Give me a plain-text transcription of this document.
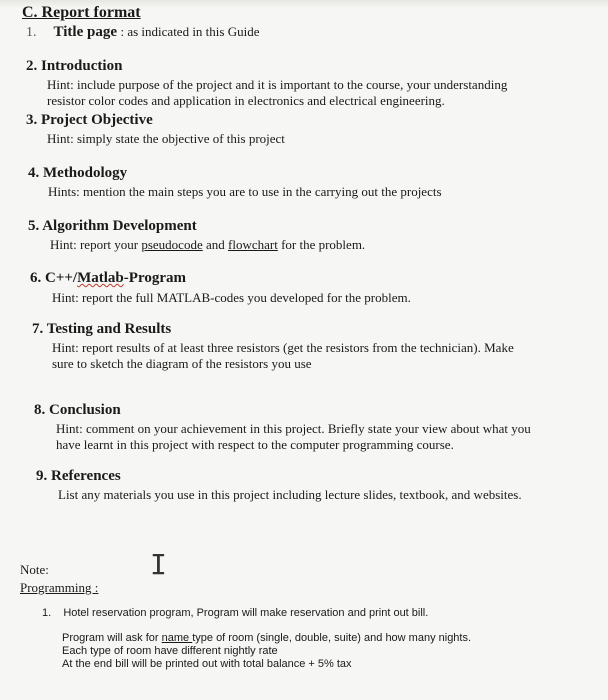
C. Report format
1. Title page : as indicated in this Guide
2. Introduction
Hint: include purpose of the project and it is important to the course, your understanding
resistor color codes and application in electronics and electrical engineering.
3. Project Objective
Hint: simply state the objective of this project
4. Methodology
Hints: mention the main steps you are to use in the carrying out the projects
5. Algorithm Development
Hint: report your pseudocode and flowchart for the problem.
6. C++/Matlab-Program
Hint: report the full MATLAB-codes you developed for the problem.
7. Testing and Results
Hint: report results of at least three resistors (get the resistors from the technician). Make
sure to sketch the diagram of the resistors you use
8. Conclusion
Hint: comment on your achievement in this project. Briefly state your view about what you
have learnt in this project with respect to the computer programming course.
9. References
List any materials you use in this project including lecture slides, textbook, and websites.
Note:
Programming :
I
1. Hotel reservation program, Program will make reservation and print out bill.
Program will ask for name type of room (single, double, suite) and how many nights.
Each type of room have different nightly rate
At the end bill will be printed out with total balance + 5% tax
